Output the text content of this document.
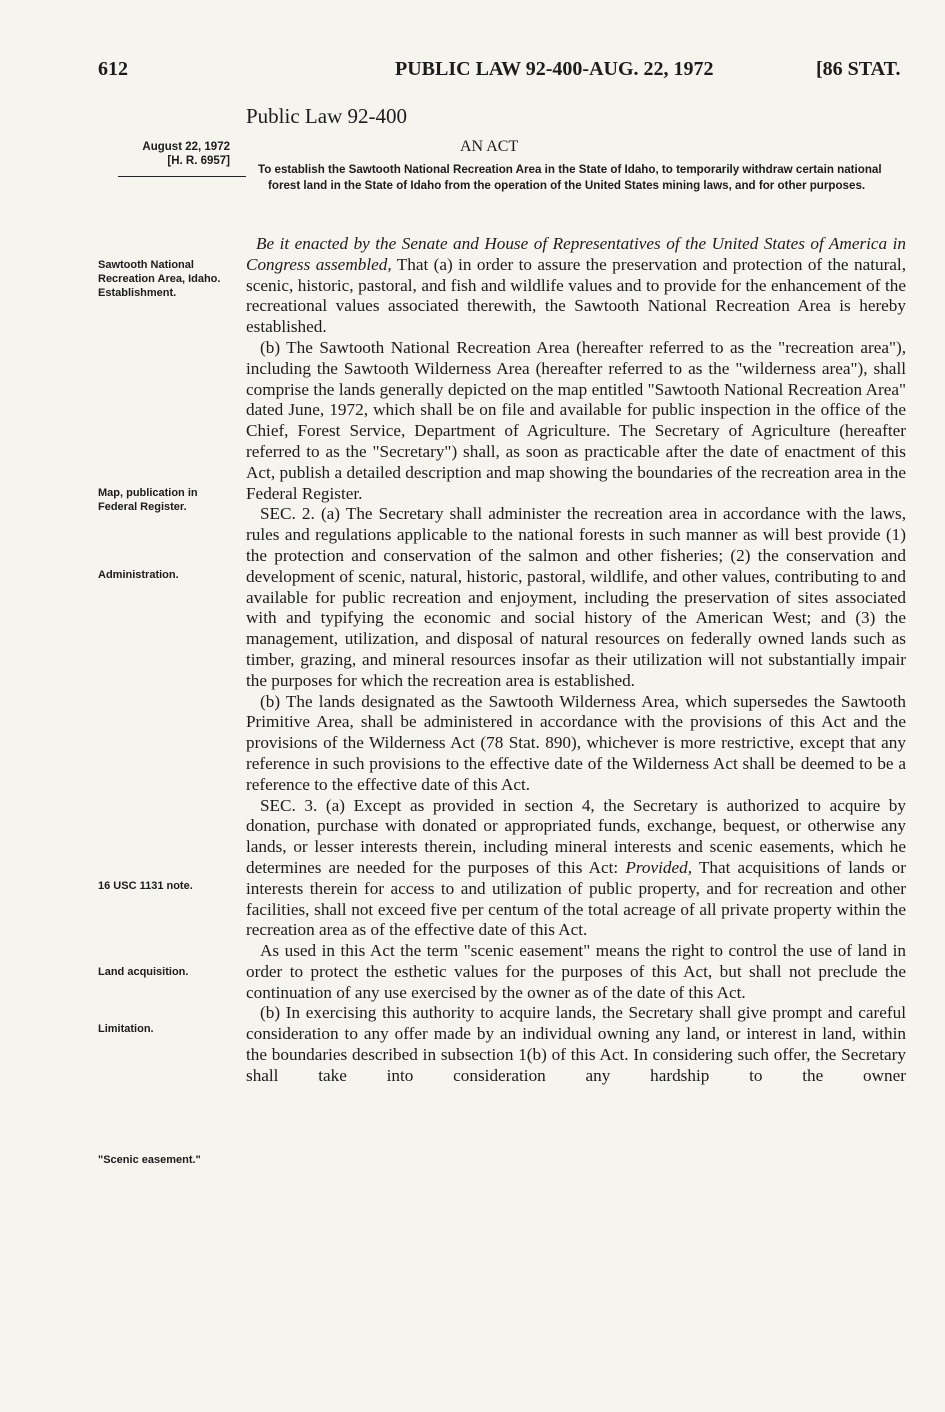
612	PUBLIC LAW 92-400-AUG. 22, 1972	[86 STAT.
Public Law 92-400
August 22, 1972
[H. R. 6957]
AN ACT
To establish the Sawtooth National Recreation Area in the State of Idaho, to temporarily withdraw certain national forest land in the State of Idaho from the operation of the United States mining laws, and for other purposes.
Sawtooth National Recreation Area, Idaho. Establishment.
Map, publication in Federal Register.
Administration.
16 USC 1131 note.
Land acquisition.
Limitation.
"Scenic easement."

Be it enacted by the Senate and House of Representatives of the United States of America in Congress assembled, That (a) in order to assure the preservation and protection of the natural, scenic, historic, pastoral, and fish and wildlife values and to provide for the enhancement of the recreational values associated therewith, the Sawtooth National Recreation Area is hereby established.

(b) The Sawtooth National Recreation Area (hereafter referred to as the "recreation area"), including the Sawtooth Wilderness Area (hereafter referred to as the "wilderness area"), shall comprise the lands generally depicted on the map entitled "Sawtooth National Recreation Area" dated June, 1972, which shall be on file and available for public inspection in the office of the Chief, Forest Service, Department of Agriculture. The Secretary of Agriculture (hereafter referred to as the "Secretary") shall, as soon as practicable after the date of enactment of this Act, publish a detailed description and map showing the boundaries of the recreation area in the Federal Register.

SEC. 2. (a) The Secretary shall administer the recreation area in accordance with the laws, rules and regulations applicable to the national forests in such manner as will best provide (1) the protection and conservation of the salmon and other fisheries; (2) the conservation and development of scenic, natural, historic, pastoral, wildlife, and other values, contributing to and available for public recreation and enjoyment, including the preservation of sites associated with and typifying the economic and social history of the American West; and (3) the management, utilization, and disposal of natural resources on federally owned lands such as timber, grazing, and mineral resources insofar as their utilization will not substantially impair the purposes for which the recreation area is established.

(b) The lands designated as the Sawtooth Wilderness Area, which supersedes the Sawtooth Primitive Area, shall be administered in accordance with the provisions of this Act and the provisions of the Wilderness Act (78 Stat. 890), whichever is more restrictive, except that any reference in such provisions to the effective date of the Wilderness Act shall be deemed to be a reference to the effective date of this Act.

SEC. 3. (a) Except as provided in section 4, the Secretary is authorized to acquire by donation, purchase with donated or appropriated funds, exchange, bequest, or otherwise any lands, or lesser interests therein, including mineral interests and scenic easements, which he determines are needed for the purposes of this Act: Provided, That acquisitions of lands or interests therein for access to and utilization of public property, and for recreation and other facilities, shall not exceed five per centum of the total acreage of all private property within the recreation area as of the effective date of this Act.

As used in this Act the term "scenic easement" means the right to control the use of land in order to protect the esthetic values for the purposes of this Act, but shall not preclude the continuation of any use exercised by the owner as of the date of this Act.

(b) In exercising this authority to acquire lands, the Secretary shall give prompt and careful consideration to any offer made by an individual owning any land, or interest in land, within the boundaries described in subsection 1(b) of this Act. In considering such offer, the Secretary shall take into consideration any hardship to the owner
